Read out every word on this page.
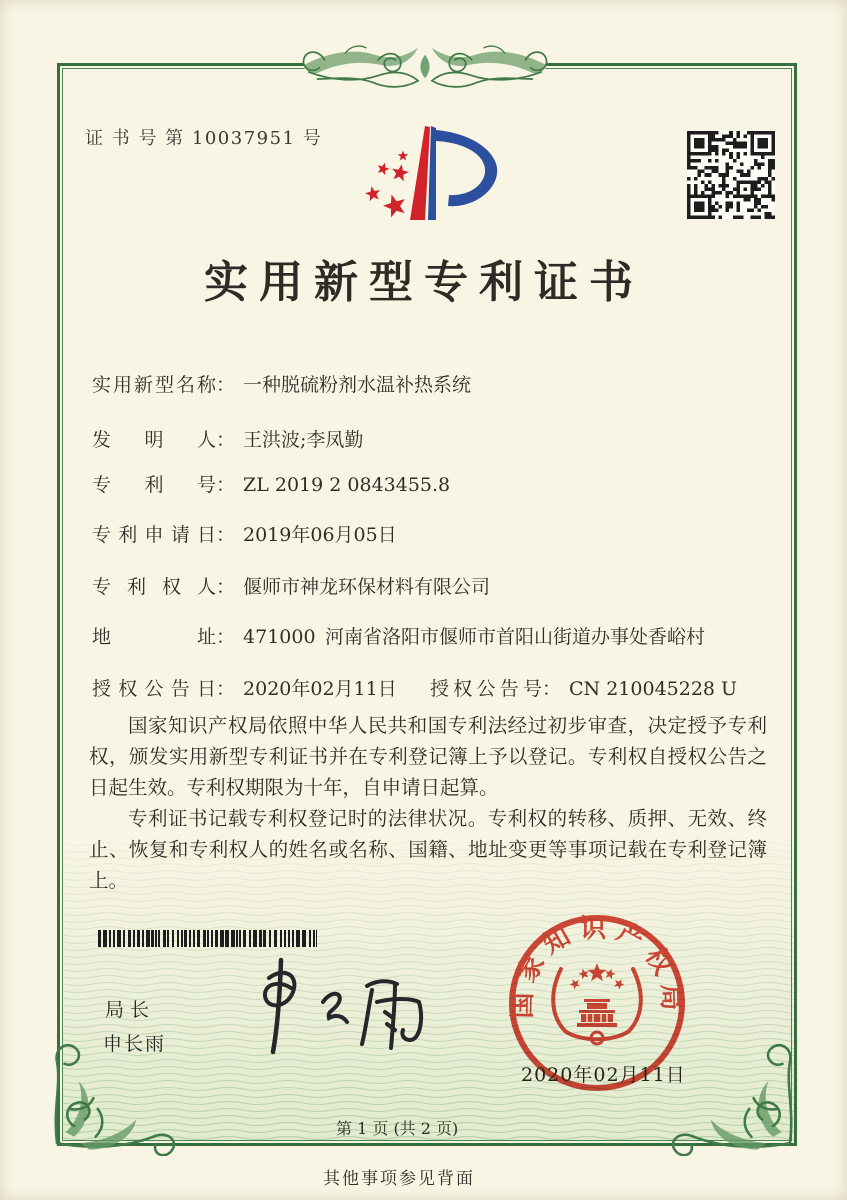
证 书 号 第 10037951 号
实用新型专利证书
实用新型名称： 一种脱硫粉剂水温补热系统
发明人： 王洪波;李凤勤
专利号： ZL 2019 2 0843455.8
专利申请日： 2019年06月05日
专利权人： 偃师市神龙环保材料有限公司
地址： 471000 河南省洛阳市偃师市首阳山街道办事处香峪村
授权公告日： 2020年02月11日 授权公告号： CN 210045228 U

国家知识产权局依照中华人民共和国专利法经过初步审查，决定授予专利权，颁发实用新型专利证书并在专利登记簿上予以登记。专利权自授权公告之日起生效。专利权期限为十年，自申请日起算。

专利证书记载专利权登记时的法律状况。专利权的转移、质押、无效、终止、恢复和专利权人的姓名或名称、国籍、地址变更等事项记载在专利登记簿上。

局长
申长雨
国家知识产权局
2020年02月11日
第 1 页 (共 2 页)
其他事项参见背面
